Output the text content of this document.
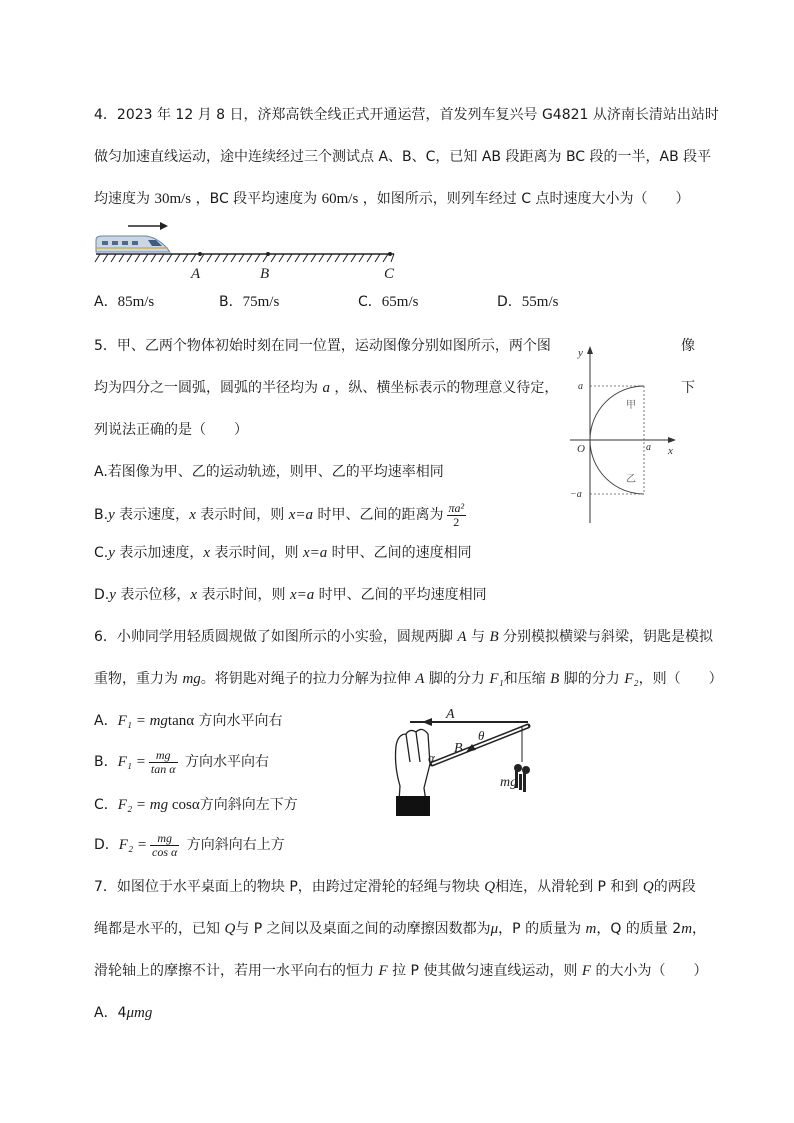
4．2023 年 12 月 8 日，济郑高铁全线正式开通运营，首发列车复兴号 G4821 从济南长清站出站时
做匀加速直线运动，途中连续经过三个测试点 A、B、C，已知 AB 段距离为 BC 段的一半，AB 段平
均速度为 30m/s ，BC 段平均速度为 60m/s ，如图所示，则列车经过 C 点时速度大小为（　　）
A	B	C
A．85m/s	B．75m/s	C．65m/s	D．55m/s
5．甲、乙两个物体初始时刻在同一位置，运动图像分别如图所示，两个图	像
均为四分之一圆弧，圆弧的半径均为 a ，纵、横坐标表示的物理意义待定，	下
列说法正确的是（　　）
y
x
O
a
a
−a
甲
乙
A.若图像为甲、乙的运动轨迹，则甲、乙的平均速率相同
B.y 表示速度，x 表示时间，则 x=a 时甲、乙间的距离为 $\frac{\text{πa²}}{2}$
C.y 表示加速度，x 表示时间，则 x=a 时甲、乙间的速度相同
D.y 表示位移，x 表示时间，则 x=a 时甲、乙间的平均速度相同
6．小帅同学用轻质圆规做了如图所示的小实验，圆规两脚 A 与 B 分别模拟横梁与斜梁，钥匙是模拟
重物，重力为 mg。将钥匙对绳子的拉力分解为拉伸 A 脚的分力 F₁和压缩 B 脚的分力 F₂，则（　　）
A．F₁ = mgtanα 方向水平向右
B．$F_1 = \frac{mg}{\text{tan α}}$ 方向水平向右
C．F₂ = mg cosα方向斜向左下方
D．$F_2 = \frac{mg}{\text{cos α}}$ 方向斜向右上方
A
B
θ
α
mg
7．如图位于水平桌面上的物块 P，由跨过定滑轮的轻绳与物块 Q相连，从滑轮到 P 和到 Q的两段
绳都是水平的，已知 Q与 P 之间以及桌面之间的动摩擦因数都为μ，P 的质量为 m，Q 的质量 2m，
滑轮轴上的摩擦不计，若用一水平向右的恒力 F 拉 P 使其做匀速直线运动，则 F 的大小为（　　）
A．4μmg
